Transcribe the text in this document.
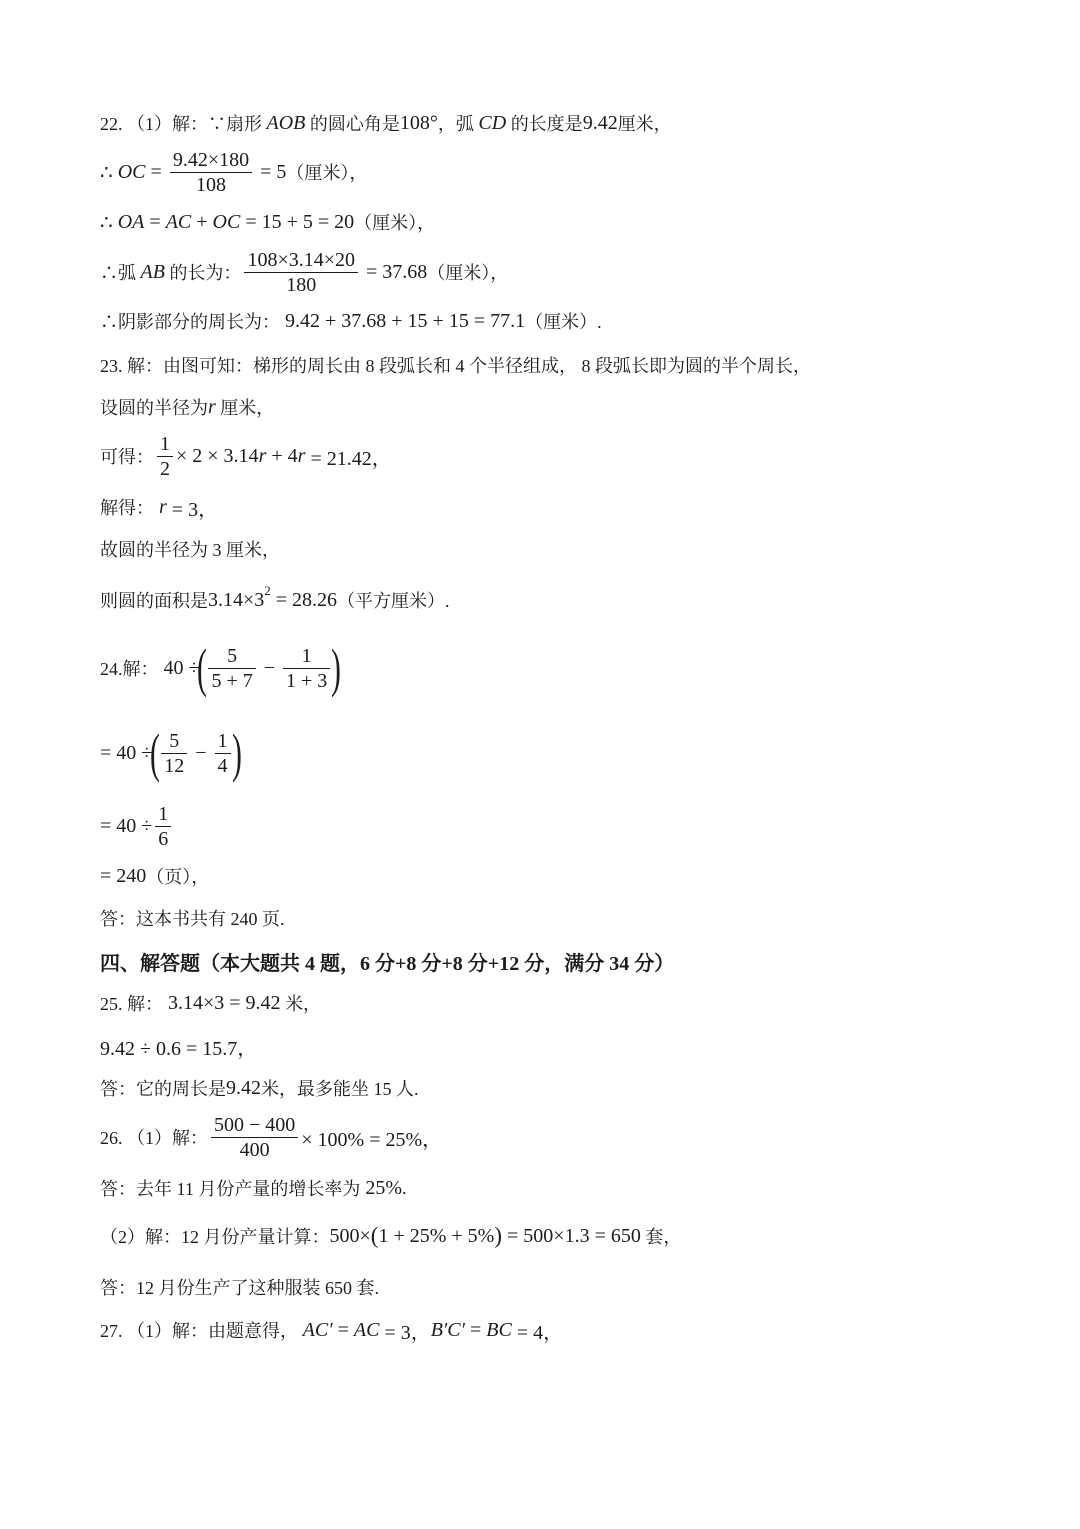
22. （1）解：∵扇形 AOB 的圆心角是 108° ，弧 CD 的长度是 9.42 厘米，
∴ OC = $\frac{9.42\times 180}{108} = 5$ （厘米），
∴ OA = AC + OC = 15 + 5 = 20 （厘米），
∴弧 AB 的长为： $\frac{108\times 3.14\times 20}{180} = 37.68$ （厘米），
∴阴影部分的周长为： 9.42 + 37.68 + 15 + 15 = 77.1 （厘米）.
23. 解：由图可知：梯形的周长由 8 段弧长和 4 个半径组成， 8 段弧长即为圆的半个周长，
设圆的半径为 r 厘米，
可得： $\frac{1}{2} \times 2 \times 3.14$ r + 4 r = 21.42，
解得： r = 3，
故圆的半径为 3 厘米，
则圆的面积是 3.14×3 2 = 28.26 （平方厘米）.
24.解： 40 ÷
( $\frac{5}{5 + 7} - \frac{1}{1 + 3}$ )
= 40 ÷
( $\frac{5}{12} - \frac{1}{4}$ )
= $40 \div \frac{1}{6}$
= 240 （页），
答：这本书共有 240 页.
四、解答题（本大题共 4 题，6 分+8 分+8 分+12 分，满分 34 分）
25. 解： 3.14×3 = 9.42 米，
9.42 ÷ 0.6 = 15.7，
答：它的周长是 9.42 米，最多能坐 15 人.
26. （1）解： $\frac{500 - 400}{400} \times 100\% = 25\%$，
答：去年 11 月份产量的增长率为 25% .
（2）解：12 月份产量计算： 500× ( 1 + 25% + 5% ) = 500×1.3 = 650 套，
答：12 月份生产了这种服装 650 套.
27. （1）解：由题意得， AC′ = AC = 3， B′C′ = BC = 4，
